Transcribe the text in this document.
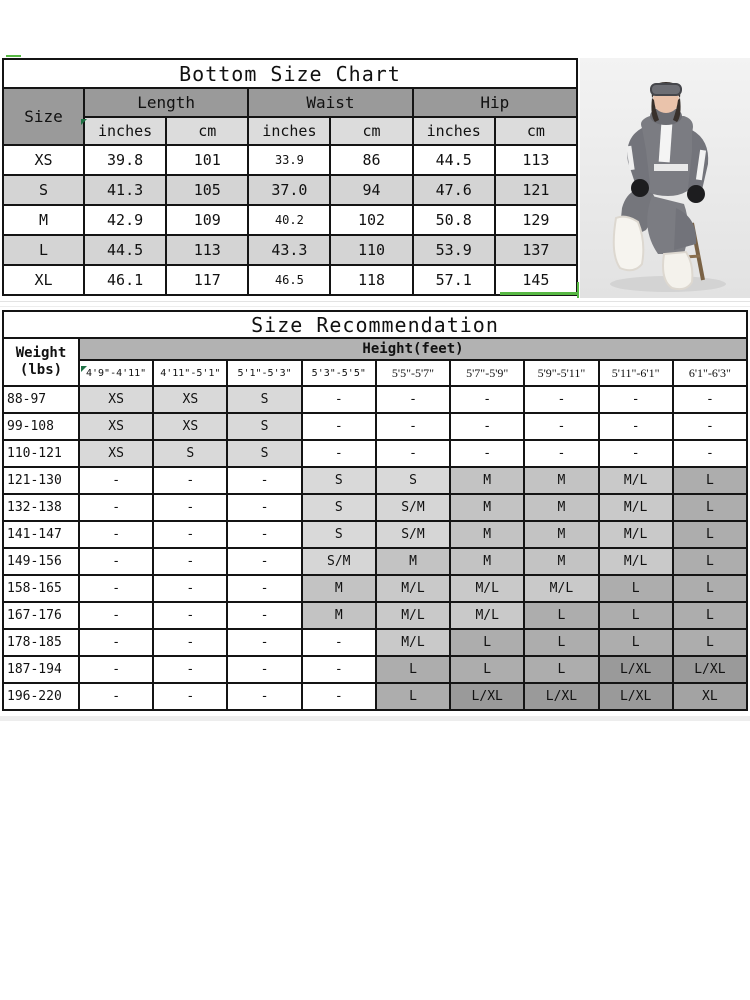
Bottom Size Chart						
Size	Length		Waist		Hip	
	inches	cm	inches	cm	inches	cm
XS	39.8	101	33.9	86	44.5	113
S	41.3	105	37.0	94	47.6	121
M	42.9	109	40.2	102	50.8	129
L	44.5	113	43.3	110	53.9	137
XL	46.1	117	46.5	118	57.1	145
Size Recommendation									

Weight
(lbs)	Height(feet)								
	4'9"-4'11"	4'11"-5'1"	5'1"-5'3"	5'3"-5'5"	5'5"-5'7"	5'7"-5'9"	5'9"-5'11"	5'11"-6'1"	6'1"-6'3"
88-97	XS	XS	S	-	-	-	-	-	-
99-108	XS	XS	S	-	-	-	-	-	-
110-121	XS	S	S	-	-	-	-	-	-
121-130	-	-	-	S	S	M	M	M/L	L
132-138	-	-	-	S	S/M	M	M	M/L	L
141-147	-	-	-	S	S/M	M	M	M/L	L
149-156	-	-	-	S/M	M	M	M	M/L	L
158-165	-	-	-	M	M/L	M/L	M/L	L	L
167-176	-	-	-	M	M/L	M/L	L	L	L
178-185	-	-	-	-	M/L	L	L	L	L
187-194	-	-	-	-	L	L	L	L/XL	L/XL
196-220	-	-	-	-	L	L/XL	L/XL	L/XL	XL
